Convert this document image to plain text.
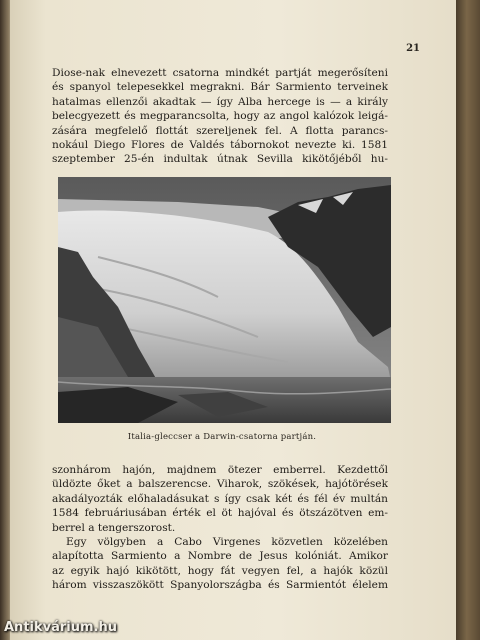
21

Diose-nak elnevezett csatorna mindkét partját megerősíteni
és spanyol telepesekkel megrakni. Bár Sarmiento terveinek
hatalmas ellenzői akadtak — így Alba hercege is — a király
belecgyezett és megparancsolta, hogy az angol kalózok leigá-
zására megfelelő flottát szereljenek fel. A flotta parancs-
nokául Diego Flores de Valdés tábornokot nevezte ki. 1581
szeptember 25-én indultak útnak Sevilla kikötőjéből hu-

Italia-gleccser a Darwin-csatorna partján.

szonhárom hajón, majdnem ötezer emberrel. Kezdettől
üldözte őket a balszerencse. Viharok, szökések, hajótörések
akadályozták előhaladásukat s így csak két és fél év multán
1584 februáriusában érték el öt hajóval és ötszázötven em-
berrel a tengerszorost.
Egy völgyben a Cabo Virgenes közvetlen közelében
alapította Sarmiento a Nombre de Jesus kolóniát. Amikor
az egyik hajó kikötött, hogy fát vegyen fel, a hajók közül
három visszaszökött Spanyolországba és Sarmientót élelem

Antikvárium.hu
